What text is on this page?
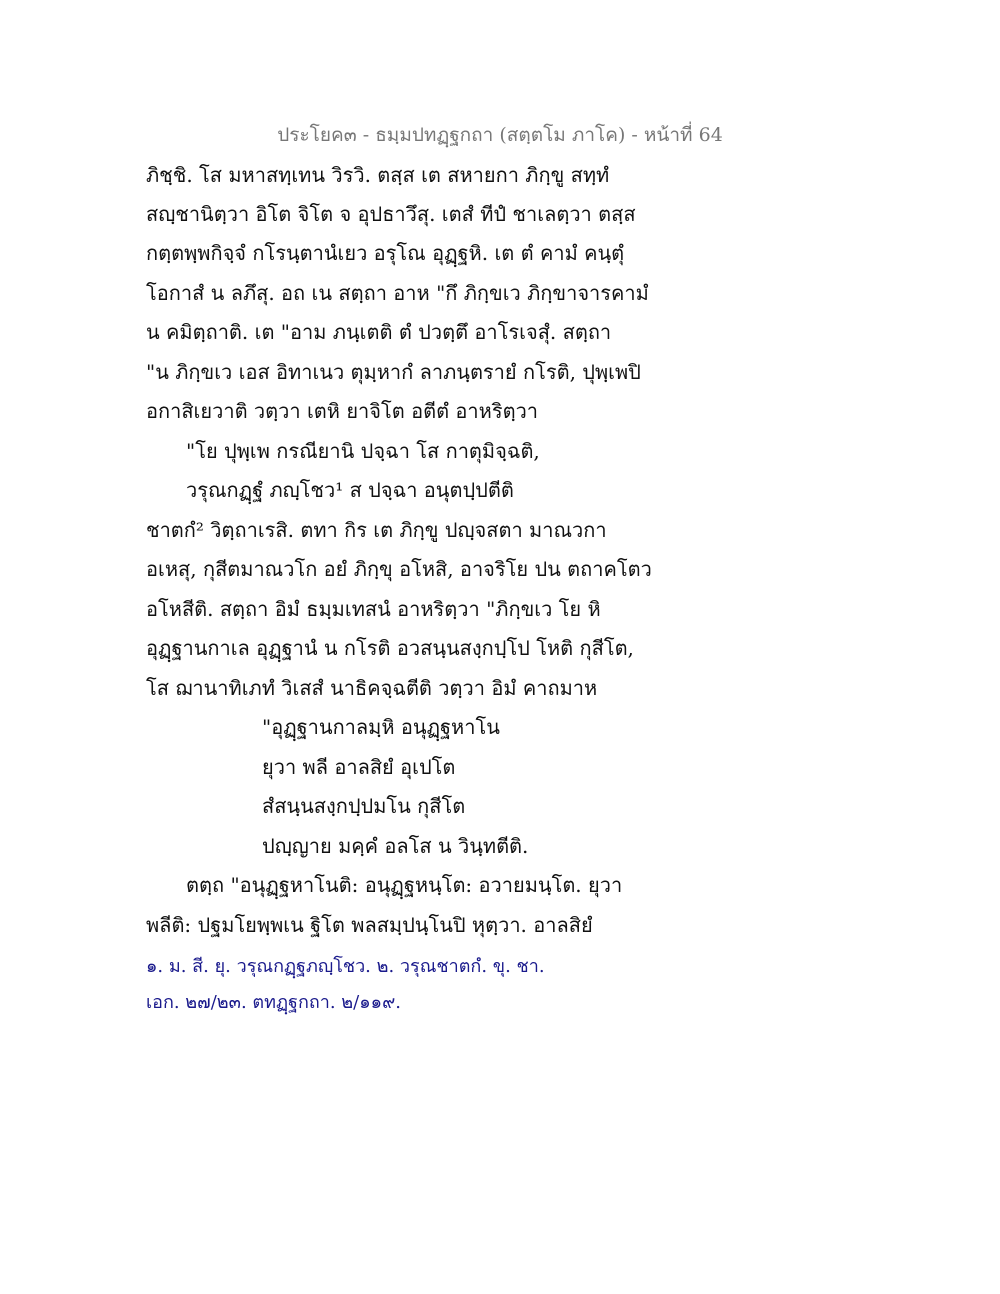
ประโยค๓ - ธมฺมปทฏฺฐกถา (สตฺตโม ภาโค) - หน้าที่ 64
ภิชฺชิ. โส มหาสทฺเทน วิรวิ. ตสฺส เต สหายกา ภิกฺขู สทฺทํ
สญฺชานิตฺวา อิโต จิโต จ อุปธาวึสุ. เตสํ ทีปํ ชาเลตฺวา ตสฺส
กตฺตพฺพกิจฺจํ กโรนฺตานํเยว อรุโณ อุฏฺฐหิ. เต ตํ คามํ คนฺตุํ
โอกาสํ น ลภึสุ. อถ เน สตฺถา อาห "กึ ภิกฺขเว ภิกฺขาจารคามํ
น คมิตฺถาติ. เต "อาม ภนฺเตติ ตํ ปวตฺตึ อาโรเจสุํ. สตฺถา
"น ภิกฺขเว เอส อิทาเนว ตุมฺหากํ ลาภนฺตรายํ กโรติ, ปุพฺเพปิ
อกาสิเยวาติ วตฺวา เตหิ ยาจิโต อตีตํ อาหริตฺวา
"โย ปุพฺเพ กรณียานิ ปจฺฉา โส กาตุมิจฺฉติ,
วรุณกฏฺฐํ ภญฺโชว¹ ส ปจฺฉา อนุตปฺปตีติ
ชาตกํ² วิตฺถาเรสิ. ตทา กิร เต ภิกฺขู ปญฺจสตา มาณวกา
อเหสุ, กุสีตมาณวโก อยํ ภิกฺขุ อโหสิ, อาจริโย ปน ตถาคโตว
อโหสีติ. สตฺถา อิมํ ธมฺมเทสนํ อาหริตฺวา "ภิกฺขเว โย หิ
อุฏฺฐานกาเล อุฏฺฐานํ น กโรติ อวสนฺนสงฺกปฺโป โหติ กุสีโต,
โส ฌานาทิเภทํ วิเสสํ นาธิคจฺฉตีติ วตฺวา อิมํ คาถมาห
"อุฏฺฐานกาลมฺหิ อนุฏฺฐหาโน
ยุวา พลี อาลสิยํ อุเปโต
สํสนฺนสงฺกปฺปมโน กุสีโต
ปญฺญาย มคฺคํ อลโส น วินฺทตีติ.
ตตฺถ "อนุฏฺฐหาโนติ: อนุฏฺฐหนฺโต: อวายมนฺโต. ยุวา
พลีติ: ปฐมโยพฺพเน ฐิโต พลสมฺปนฺโนปิ หุตฺวา. อาลสิยํ
๑. ม. สี. ยุ. วรุณกฏฺฐภญฺโชว. ๒. วรุณชาตกํ. ขุ. ชา.
เอก. ๒๗/๒๓. ตทฏฺฐกถา. ๒/๑๑๙.
